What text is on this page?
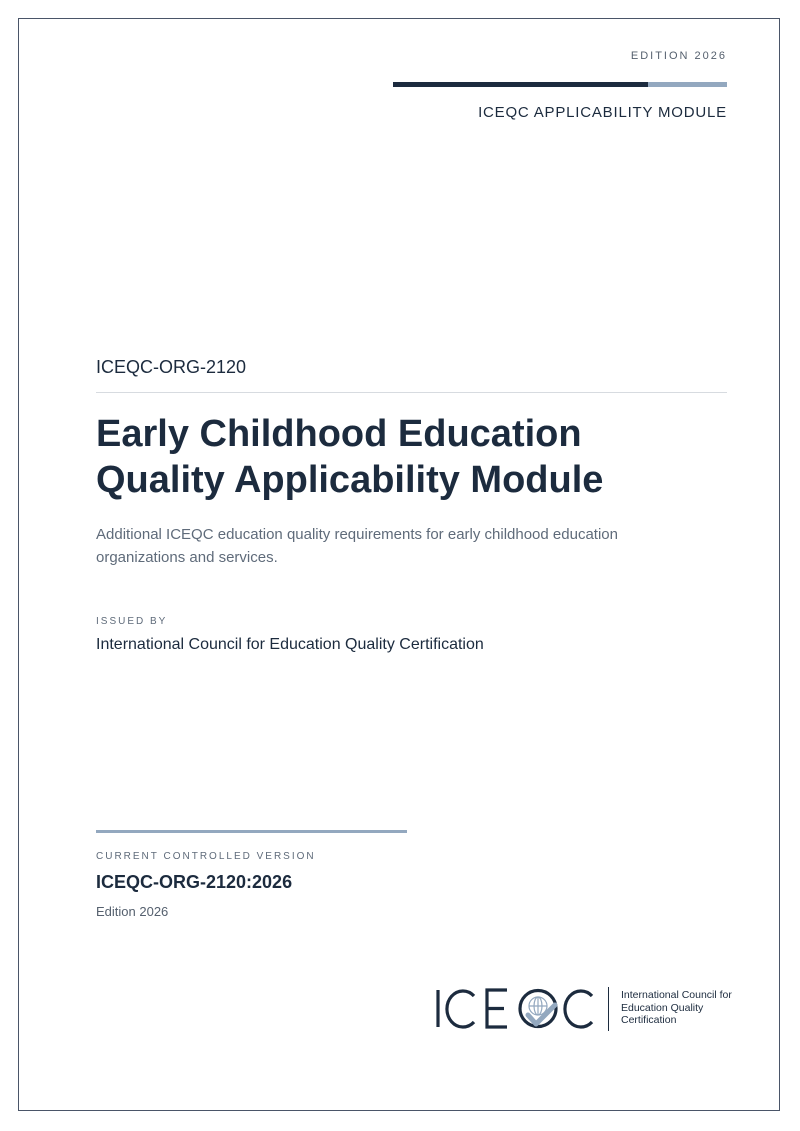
EDITION 2026
ICEQC APPLICABILITY MODULE
ICEQC-ORG-2120
Early Childhood Education
Quality Applicability Module

Additional ICEQC education quality requirements for early childhood education
organizations and services.

ISSUED BY
International Council for Education Quality Certification
CURRENT CONTROLLED VERSION
ICEQC-ORG-2120:2026
Edition 2026
International Council for
Education Quality
Certification
